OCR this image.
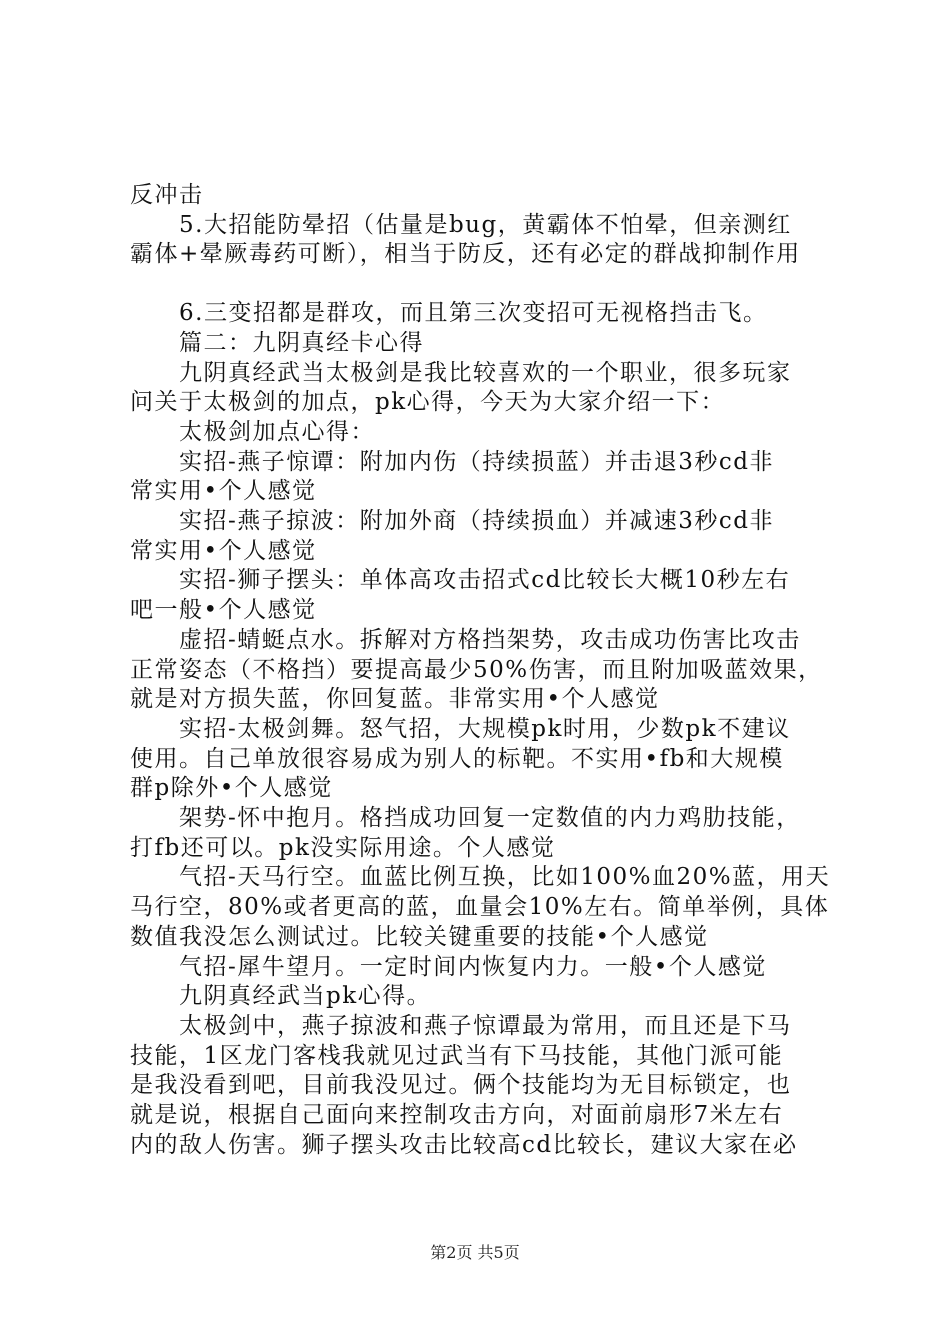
反冲击
　　5.大招能防晕招（估量是bug，黄霸体不怕晕，但亲测红
霸体+晕厥毒药可断），相当于防反，还有必定的群战抑制作用
　　6.三变招都是群攻，而且第三次变招可无视格挡击飞。
　　篇二：九阴真经卡心得
　　九阴真经武当太极剑是我比较喜欢的一个职业，很多玩家
问关于太极剑的加点，pk心得，今天为大家介绍一下：
　　太极剑加点心得：
　　实招-燕子惊谭：附加内伤（持续损蓝）并击退3秒cd非
常实用•个人感觉
　　实招-燕子掠波：附加外商（持续损血）并减速3秒cd非
常实用•个人感觉
　　实招-狮子摆头：单体高攻击招式cd比较长大概10秒左右
吧一般•个人感觉
　　虚招-蜻蜓点水。拆解对方格挡架势，攻击成功伤害比攻击
正常姿态（不格挡）要提高最少50%伤害，而且附加吸蓝效果，
就是对方损失蓝，你回复蓝。非常实用•个人感觉
　　实招-太极剑舞。怒气招，大规模pk时用，少数pk不建议
使用。自己单放很容易成为别人的标靶。不实用•fb和大规模
群p除外•个人感觉
　　架势-怀中抱月。格挡成功回复一定数值的内力鸡肋技能，
打fb还可以。pk没实际用途。个人感觉
　　气招-天马行空。血蓝比例互换，比如100%血20%蓝，用天
马行空，80%或者更高的蓝，血量会10%左右。简单举例，具体
数值我没怎么测试过。比较关键重要的技能•个人感觉
　　气招-犀牛望月。一定时间内恢复内力。一般•个人感觉
　　九阴真经武当pk心得。
　　太极剑中，燕子掠波和燕子惊谭最为常用，而且还是下马
技能，1区龙门客栈我就见过武当有下马技能，其他门派可能
是我没看到吧，目前我没见过。俩个技能均为无目标锁定，也
就是说，根据自己面向来控制攻击方向，对面前扇形7米左右
内的敌人伤害。狮子摆头攻击比较高cd比较长，建议大家在必
第2页 共5页
